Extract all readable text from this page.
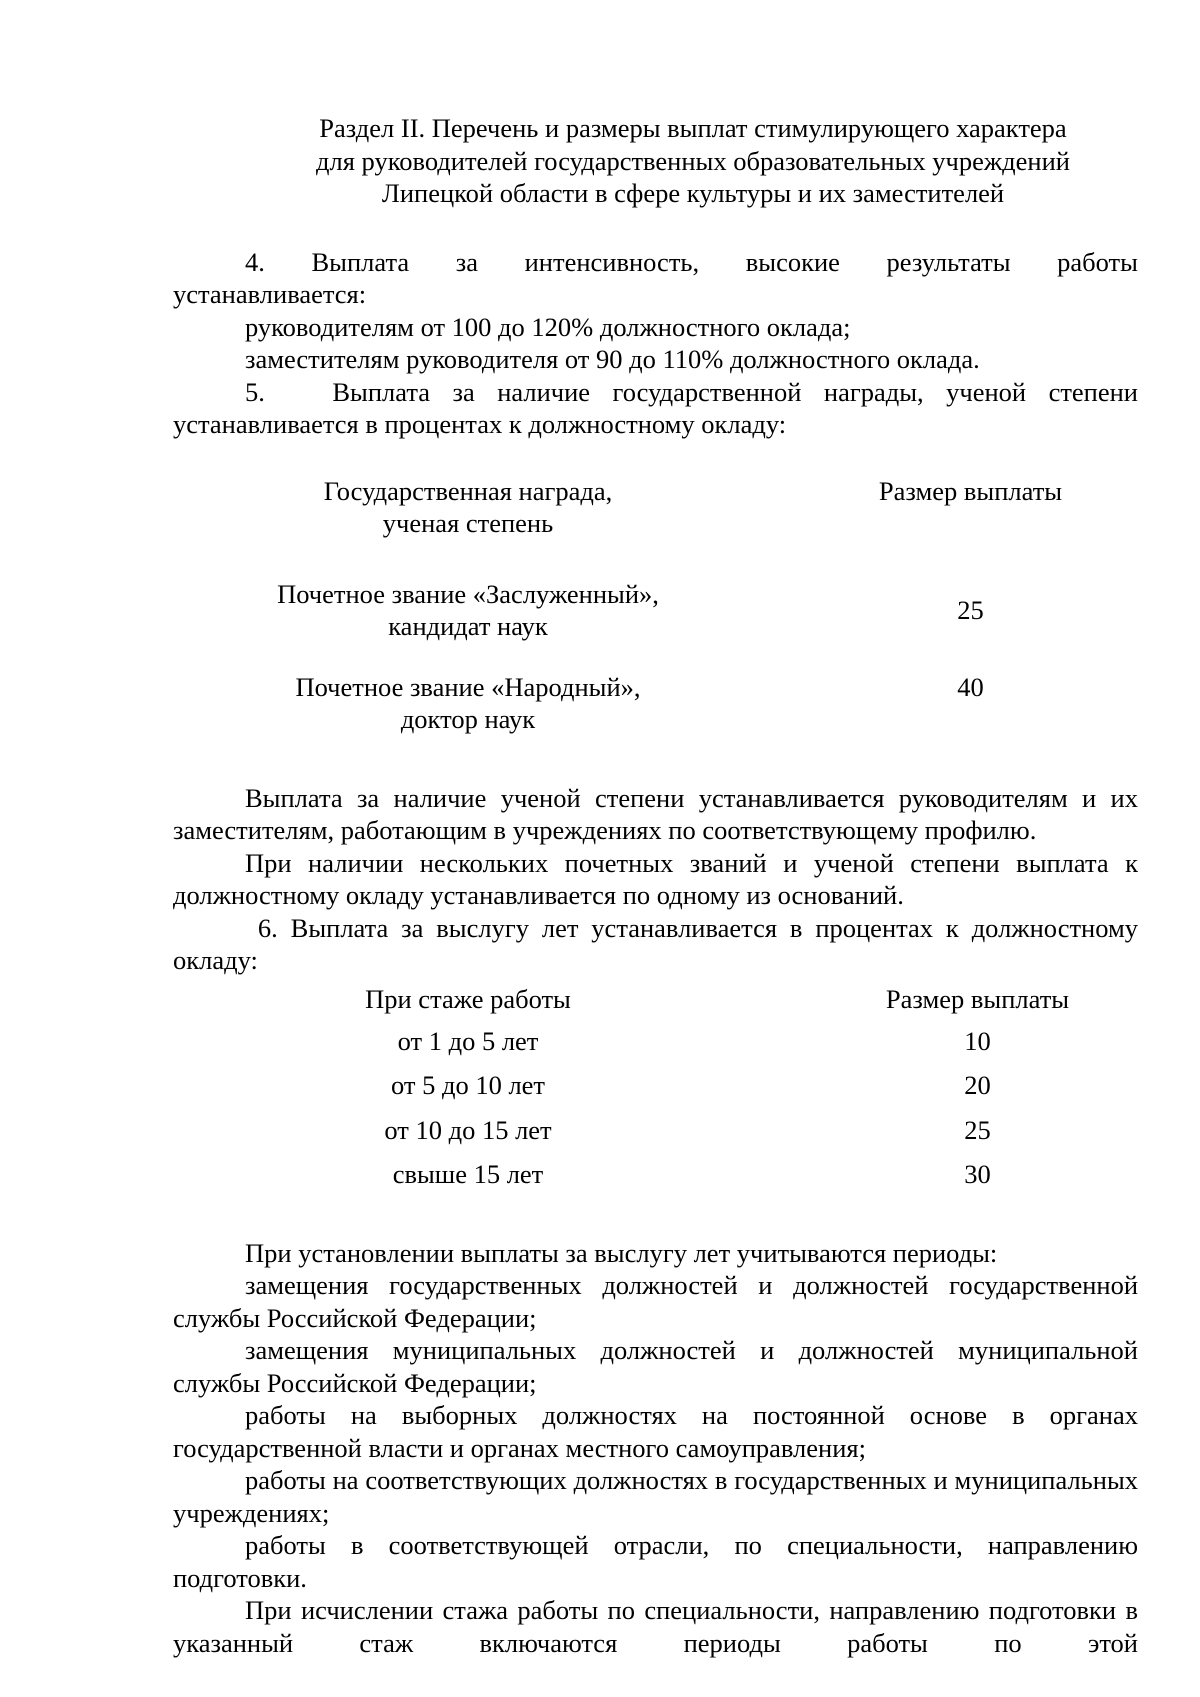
Раздел II. Перечень и размеры выплат стимулирующего характера
для руководителей государственных образовательных учреждений
Липецкой области в сфере культуры и их заместителей
4. Выплата за интенсивность, высокие результаты работы

устанавливается:

руководителям от 100 до 120% должностного оклада;

заместителям руководителя от 90 до 110% должностного оклада.

5.   Выплата за наличие государственной награды, ученой степени устанавливается в процентах к должностному окладу:

Государственная награда,
ученая степень	Размер выплаты

Почетное звание «Заслуженный»,
кандидат наук	25

Почетное звание «Народный»,
доктор наук	40

Выплата за наличие ученой степени устанавливается руководителям и их заместителям, работающим в учреждениях по соответствующему профилю.

При наличии нескольких почетных званий и ученой степени выплата к должностному окладу устанавливается по одному из оснований.

6. Выплата за выслугу лет устанавливается в процентах к должностному окладу:

При стаже работы	Размер выплаты
от 1 до 5 лет	10
от 5 до 10 лет	20
от 10 до 15 лет	25
свыше 15 лет	30

При установлении выплаты за выслугу лет учитываются периоды:

замещения государственных должностей и должностей государственной службы Российской Федерации;

замещения муниципальных должностей и должностей муниципальной службы Российской Федерации;

работы на выборных должностях на постоянной основе в органах государственной власти и органах местного самоуправления;

работы на соответствующих должностях в государственных и муниципальных учреждениях;

работы в соответствующей отрасли, по специальности, направлению подготовки.

При исчислении стажа работы по специальности, направлению подготовки в указанный стаж включаются периоды работы по этой
